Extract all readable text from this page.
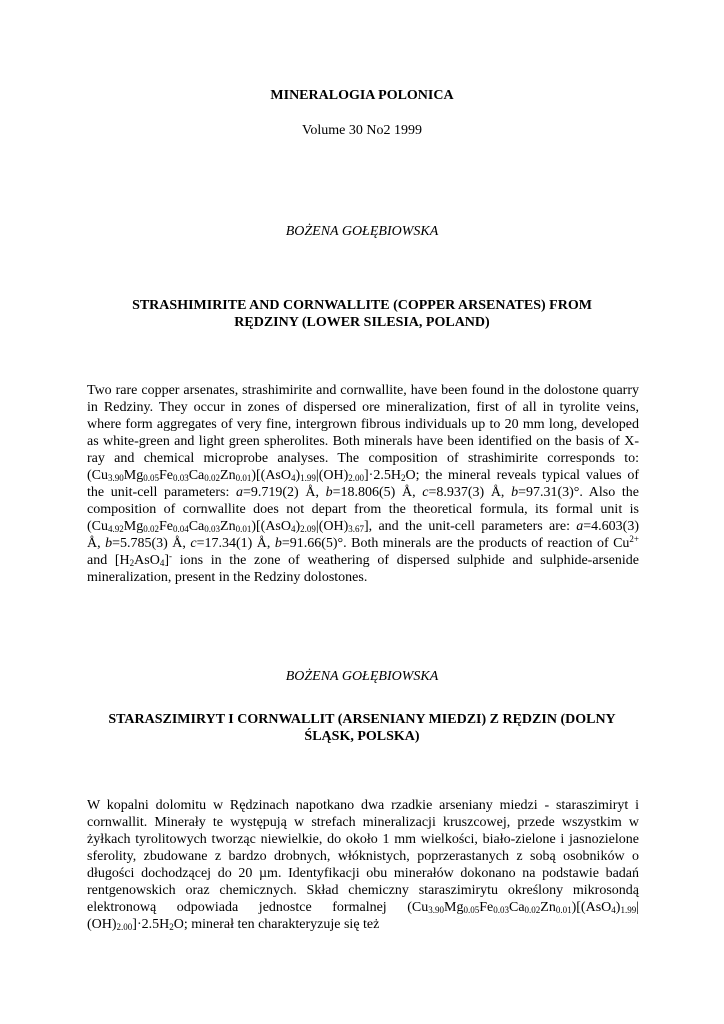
MINERALOGIA POLONICA
Volume 30 No2 1999
BOŻENA GOŁĘBIOWSKA
STRASHIMIRITE AND CORNWALLITE (COPPER ARSENATES) FROM
RĘDZINY (LOWER SILESIA, POLAND)
Two rare copper arsenates, strashimirite and cornwallite, have been found in the dolostone quarry in Redziny. They occur in zones of dispersed ore mineralization, first of all in tyrolite veins, where form aggregates of very fine, intergrown fibrous individuals up to 20 mm long, developed as white-green and light green spherolites. Both minerals have been identified on the basis of X-ray and chemical microprobe analyses. The composition of strashimirite corresponds to: $(Cu_{3.90}Mg_{0.05}Fe_{0.03}Ca_{0.02}Zn_{0.01})[(AsO_4)_{1.99}|(OH)_{2.00}]\cdot 2.5H_2O$; the mineral reveals typical values of the unit-cell parameters: a=9.719(2) Å, b=18.806(5) Å, c=8.937(3) Å, b=97.31(3)°. Also the composition of cornwallite does not depart from the theoretical formula, its formal unit is $(Cu_{4.92}Mg_{0.02}Fe_{0.04}Ca_{0.03}Zn_{0.01})[(AsO_4)_{2.09}|(OH)_{3.67}]$, and the unit-cell parameters are: a=4.603(3) Å, b=5.785(3) Å, c=17.34(1) Å, b=91.66(5)°. Both minerals are the products of reaction of $Cu^{2+}$ and $[H_2AsO_4]^-$ ions in the zone of weathering of dispersed sulphide and sulphide-arsenide mineralization, present in the Redziny dolostones.
BOŻENA GOŁĘBIOWSKA
STARASZIMIRYT I CORNWALLIT (ARSENIANY MIEDZI) Z RĘDZIN (DOLNY
ŚLĄSK, POLSKA)
W kopalni dolomitu w Rędzinach napotkano dwa rzadkie arseniany miedzi - staraszimiryt i cornwallit. Minerały te występują w strefach mineralizacji kruszcowej, przede wszystkim w żyłkach tyrolitowych tworząc niewielkie, do około 1 mm wielkości, biało-zielone i jasnozielone sferolity, zbudowane z bardzo drobnych, włóknistych, poprzerastanych z sobą osobników o długości dochodzącej do 20 µm. Identyfikacji obu minerałów dokonano na podstawie badań rentgenowskich oraz chemicznych. Skład chemiczny staraszimirytu określony mikrosondą elektronową odpowiada jednostce formalnej $(Cu_{3.90}Mg_{0.05}Fe_{0.03}Ca_{0.02}Zn_{0.01})[(AsO_4)_{1.99}|(OH)_{2.00}]\cdot 2.5H_2O$; minerał ten charakteryzuje się też
